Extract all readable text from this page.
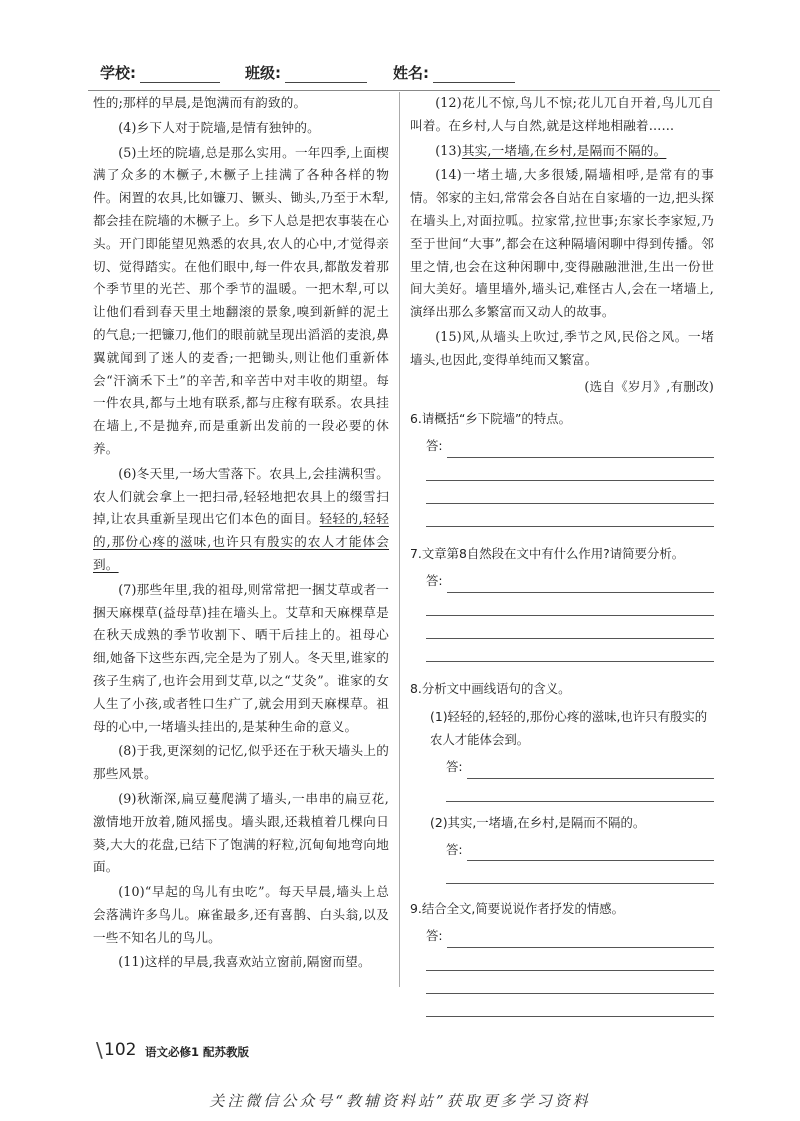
学校:	班级:	姓名:

性的;那样的早晨,是饱满而有韵致的。

(4)乡下人对于院墙,是情有独钟的。

(5)土坯的院墙,总是那么实用。一年四季,上面楔满了众多的木橛子,木橛子上挂满了各种各样的物件。闲置的农具,比如镰刀、镢头、锄头,乃至于木犁,都会挂在院墙的木橛子上。乡下人总是把农事装在心头。开门即能望见熟悉的农具,农人的心中,才觉得亲切、觉得踏实。在他们眼中,每一件农具,都散发着那个季节里的光芒、那个季节的温暖。一把木犁,可以让他们看到春天里土地翻滚的景象,嗅到新鲜的泥土的气息;一把镰刀,他们的眼前就呈现出滔滔的麦浪,鼻翼就闻到了迷人的麦香;一把锄头,则让他们重新体会“汗滴禾下土”的辛苦,和辛苦中对丰收的期望。每一件农具,都与土地有联系,都与庄稼有联系。农具挂在墙上,不是抛弃,而是重新出发前的一段必要的休养。

(6)冬天里,一场大雪落下。农具上,会挂满积雪。农人们就会拿上一把扫帚,轻轻地把农具上的缀雪扫掉,让农具重新呈现出它们本色的面目。轻轻的,轻轻的,那份心疼的滋味,也许只有殷实的农人才能体会到。

(7)那些年里,我的祖母,则常常把一捆艾草或者一捆天麻棵草(益母草)挂在墙头上。艾草和天麻棵草是在秋天成熟的季节收割下、晒干后挂上的。祖母心细,她备下这些东西,完全是为了别人。冬天里,谁家的孩子生病了,也许会用到艾草,以之“艾灸”。谁家的女人生了小孩,或者牲口生疒了,就会用到天麻棵草。祖母的心中,一堵墙头挂出的,是某种生命的意义。

(8)于我,更深刻的记忆,似乎还在于秋天墙头上的那些风景。

(9)秋渐深,扁豆蔓爬满了墙头,一串串的扁豆花,激情地开放着,随风摇曳。墙头跟,还栽植着几棵向日葵,大大的花盘,已结下了饱满的籽粒,沉甸甸地弯向地面。

(10)“早起的鸟儿有虫吃”。每天早晨,墙头上总会落满许多鸟儿。麻雀最多,还有喜鹊、白头翁,以及一些不知名儿的鸟儿。

(11)这样的早晨,我喜欢站立窗前,隔窗而望。

(12)花儿不惊,鸟儿不惊;花儿兀自开着,鸟儿兀自叫着。在乡村,人与自然,就是这样地相融着……

(13)其实,一堵墙,在乡村,是隔而不隔的。

(14)一堵土墙,大多很矮,隔墙相呼,是常有的事情。邻家的主妇,常常会各自站在自家墙的一边,把头探在墙头上,对面拉呱。拉家常,拉世事;东家长李家短,乃至于世间“大事”,都会在这种隔墙闲聊中得到传播。邻里之情,也会在这种闲聊中,变得融融泄泄,生出一份世间大美好。墙里墙外,墙头记,难怪古人,会在一堵墙上,演绎出那么多繁富而又动人的故事。

(15)风,从墙头上吹过,季节之风,民俗之风。一堵墙头,也因此,变得单纯而又繁富。

(选自《岁月》,有删改)

6.请概括“乡下院墙”的特点。
答:
7.文章第8自然段在文中有什么作用?请简要分析。
答:
8.分析文中画线语句的含义。
(1)轻轻的,轻轻的,那份心疼的滋味,也许只有殷实的农人才能体会到。
答:
(2)其实,一堵墙,在乡村,是隔而不隔的。
答:
9.结合全文,简要说说作者抒发的情感。
答:
\ 102 语文必修1 配苏教版
关注微信公众号“教辅资料站”获取更多学习资料
